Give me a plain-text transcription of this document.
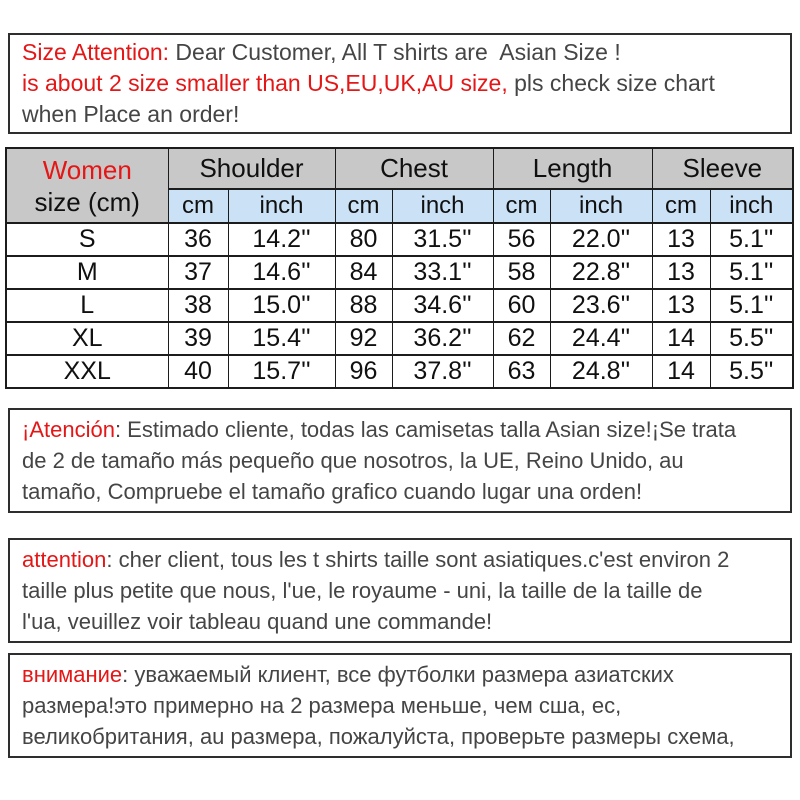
Size Attention: Dear Customer, All T shirts are  Asian Size !
is about 2 size smaller than US,EU,UK,AU size, pls check size chart
when Place an order!
Women
size (cm)	Shoulder		Chest		Length		Sleeve	
	cm	inch	cm	inch	cm	inch	cm	inch
S	36	14.2''	80	31.5''	56	22.0''	13	5.1''
M	37	14.6''	84	33.1''	58	22.8''	13	5.1''
L	38	15.0''	88	34.6''	60	23.6''	13	5.1''
XL	39	15.4''	92	36.2''	62	24.4''	14	5.5''
XXL	40	15.7''	96	37.8''	63	24.8''	14	5.5''
¡Atención: Estimado cliente, todas las camisetas talla Asian size!¡Se trata
de 2 de tamaño más pequeño que nosotros, la UE, Reino Unido, au
tamaño, Compruebe el tamaño grafico cuando lugar una orden!
attention: cher client, tous les t shirts taille sont asiatiques.c'est environ 2
taille plus petite que nous, l'ue, le royaume - uni, la taille de la taille de
l'ua, veuillez voir tableau quand une commande!
внимание: уважаемый клиент, все футболки размера азиатских
размера!это примерно на 2 размера меньше, чем сша, ес,
великобритания, au размера, пожалуйста, проверьте размеры схема,
